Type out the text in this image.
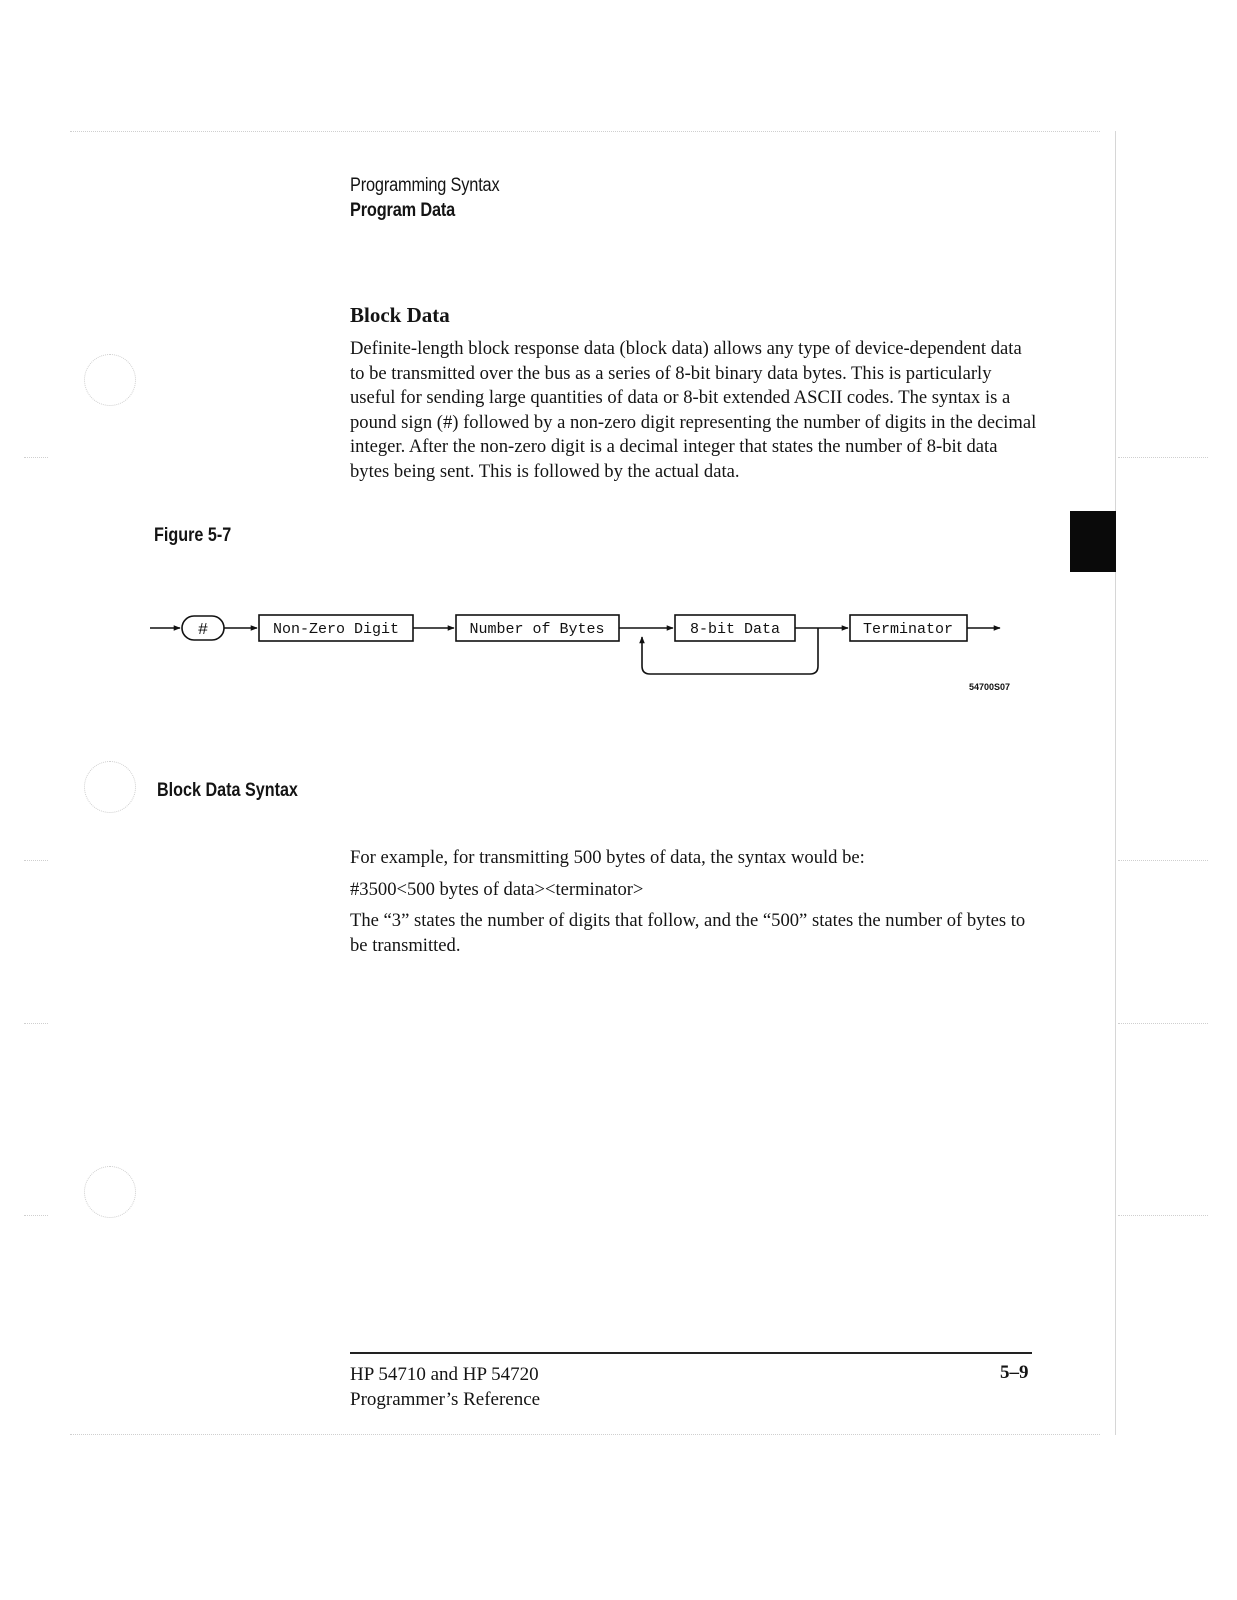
Programming Syntax
Program Data
Block Data

Definite-length block response data (block data) allows any type of device-dependent data to be transmitted over the bus as a series of 8-bit binary data bytes. This is particularly useful for sending large quantities of data or 8-bit extended ASCII codes. The syntax is a pound sign (#) followed by a non-zero digit representing the number of digits in the decimal integer. After the non-zero digit is a decimal integer that states the number of 8-bit data bytes being sent. This is followed by the actual data.

Figure 5-7
#	Non-Zero Digit	Number of Bytes	8-bit Data	Terminator
54700S07
Block Data Syntax

For example, for transmitting 500 bytes of data, the syntax would be:

#3500<500 bytes of data><terminator>

The “3” states the number of digits that follow, and the “500” states the number of bytes to be transmitted.

HP 54710 and HP 54720
Programmer’s Reference
5–9
